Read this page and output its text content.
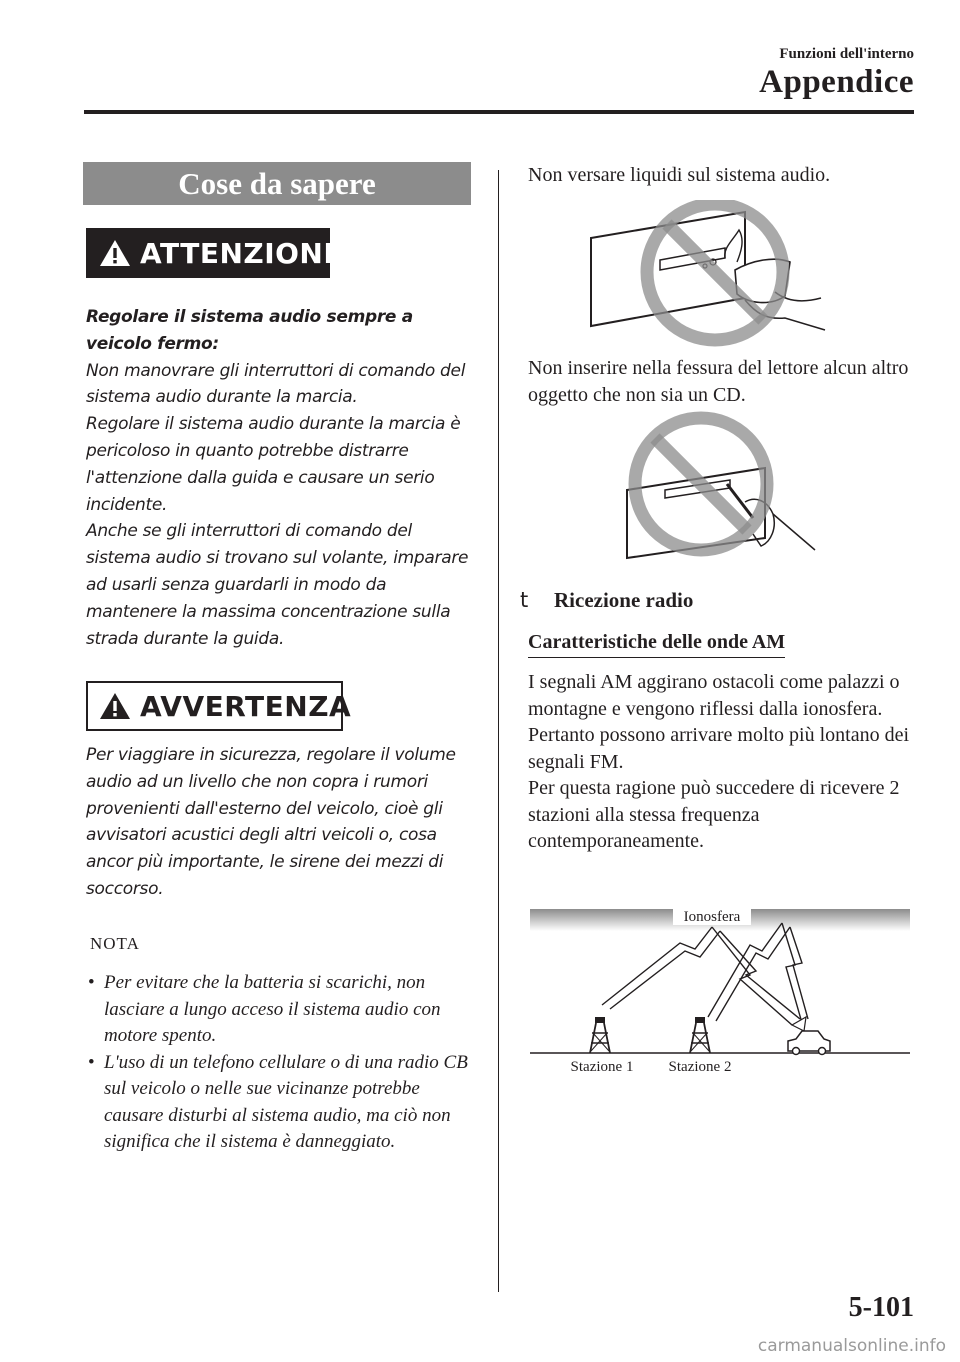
Funzioni dell'interno
Appendice
Cose da sapere
ATTENZIONE

Regolare il sistema audio sempre a veicolo fermo:

Non manovrare gli interruttori di comando del sistema audio durante la marcia.

Regolare il sistema audio durante la marcia è pericoloso in quanto potrebbe distrarre l'attenzione dalla guida e causare un serio incidente.

Anche se gli interruttori di comando del sistema audio si trovano sul volante, imparare ad usarli senza guardarli in modo da mantenere la massima concentrazione sulla strada durante la guida.

AVVERTENZA

Per viaggiare in sicurezza, regolare il volume audio ad un livello che non copra i rumori provenienti dall'esterno del veicolo, cioè gli avvisatori acustici degli altri veicoli o, cosa ancor più importante, le sirene dei mezzi di soccorso.

NOTA
• Per evitare che la batteria si scarichi, non lasciare a lungo acceso il sistema audio con motore spento.
• L'uso di un telefono cellulare o di una radio CB sul veicolo o nelle sue vicinanze potrebbe causare disturbi al sistema audio, ma ciò non significa che il sistema è danneggiato.
Non versare liquidi sul sistema audio.
Non inserire nella fessura del lettore alcun altro oggetto che non sia un CD.
t	Ricezione radio
Caratteristiche delle onde AM
I segnali AM aggirano ostacoli come palazzi o montagne e vengono riflessi dalla ionosfera.
Pertanto possono arrivare molto più lontano dei segnali FM.
Per questa ragione può succedere di ricevere 2 stazioni alla stessa frequenza contemporaneamente.
Ionosfera
Stazione 1 Stazione 2
5-101
carmanualsonline.info
